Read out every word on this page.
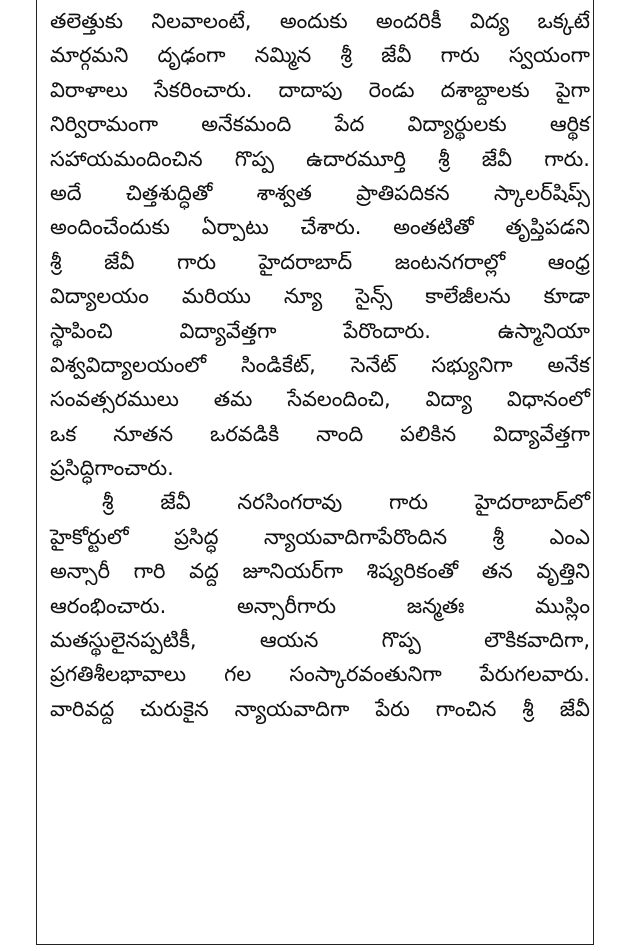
తలెత్తుకు నిలవాలంటే, అందుకు అందరికీ విద్య ఒక్కటే
మార్గమని దృఢంగా నమ్మిన శ్రీ జేవీ గారు స్వయంగా
విరాళాలు సేకరించారు. దాదాపు రెండు దశాబ్దాలకు పైగా
నిర్విరామంగా అనేకమంది పేద విద్యార్థులకు ఆర్థిక
సహాయమందించిన గొప్ప ఉదారమూర్తి శ్రీ జేవీ గారు.
అదే చిత్తశుద్ధితో శాశ్వత ప్రాతిపదికన స్కాలర్‌షిప్స్
అందించేందుకు ఏర్పాటు చేశారు. అంతటితో తృప్తిపడని
శ్రీ జేవీ గారు హైదరాబాద్ జంటనగరాల్లో ఆంధ్ర
విద్యాలయం మరియు న్యూ సైన్స్ కాలేజీలను కూడా
స్థాపించి విద్యావేత్తగా పేరొందారు. ఉస్మానియా
విశ్వవిద్యాలయంలో సిండికేట్, సెనేట్ సభ్యునిగా అనేక
సంవత్సరములు తమ సేవలందించి, విద్యా విధానంలో
ఒక నూతన ఒరవడికి నాంది పలికిన విద్యావేత్తగా
ప్రసిద్ధిగాంచారు.
శ్రీ జేవీ నరసింగరావు గారు హైదరాబాద్‌లో
హైకోర్టులో ప్రసిద్ధ న్యాయవాదిగాపేరొందిన శ్రీ ఎంఎ
అన్సారీ గారి వద్ద జూనియర్‌గా శిష్యరికంతో తన వృత్తిని
ఆరంభించారు. అన్సారీగారు జన్మతః ముస్లిం
మతస్థులైనప్పటికీ, ఆయన గొప్ప లౌకికవాదిగా,
ప్రగతిశీలభావాలు గల సంస్కారవంతునిగా పేరుగలవారు.
వారివద్ద చురుకైన న్యాయవాదిగా పేరు గాంచిన శ్రీ జేవీ
